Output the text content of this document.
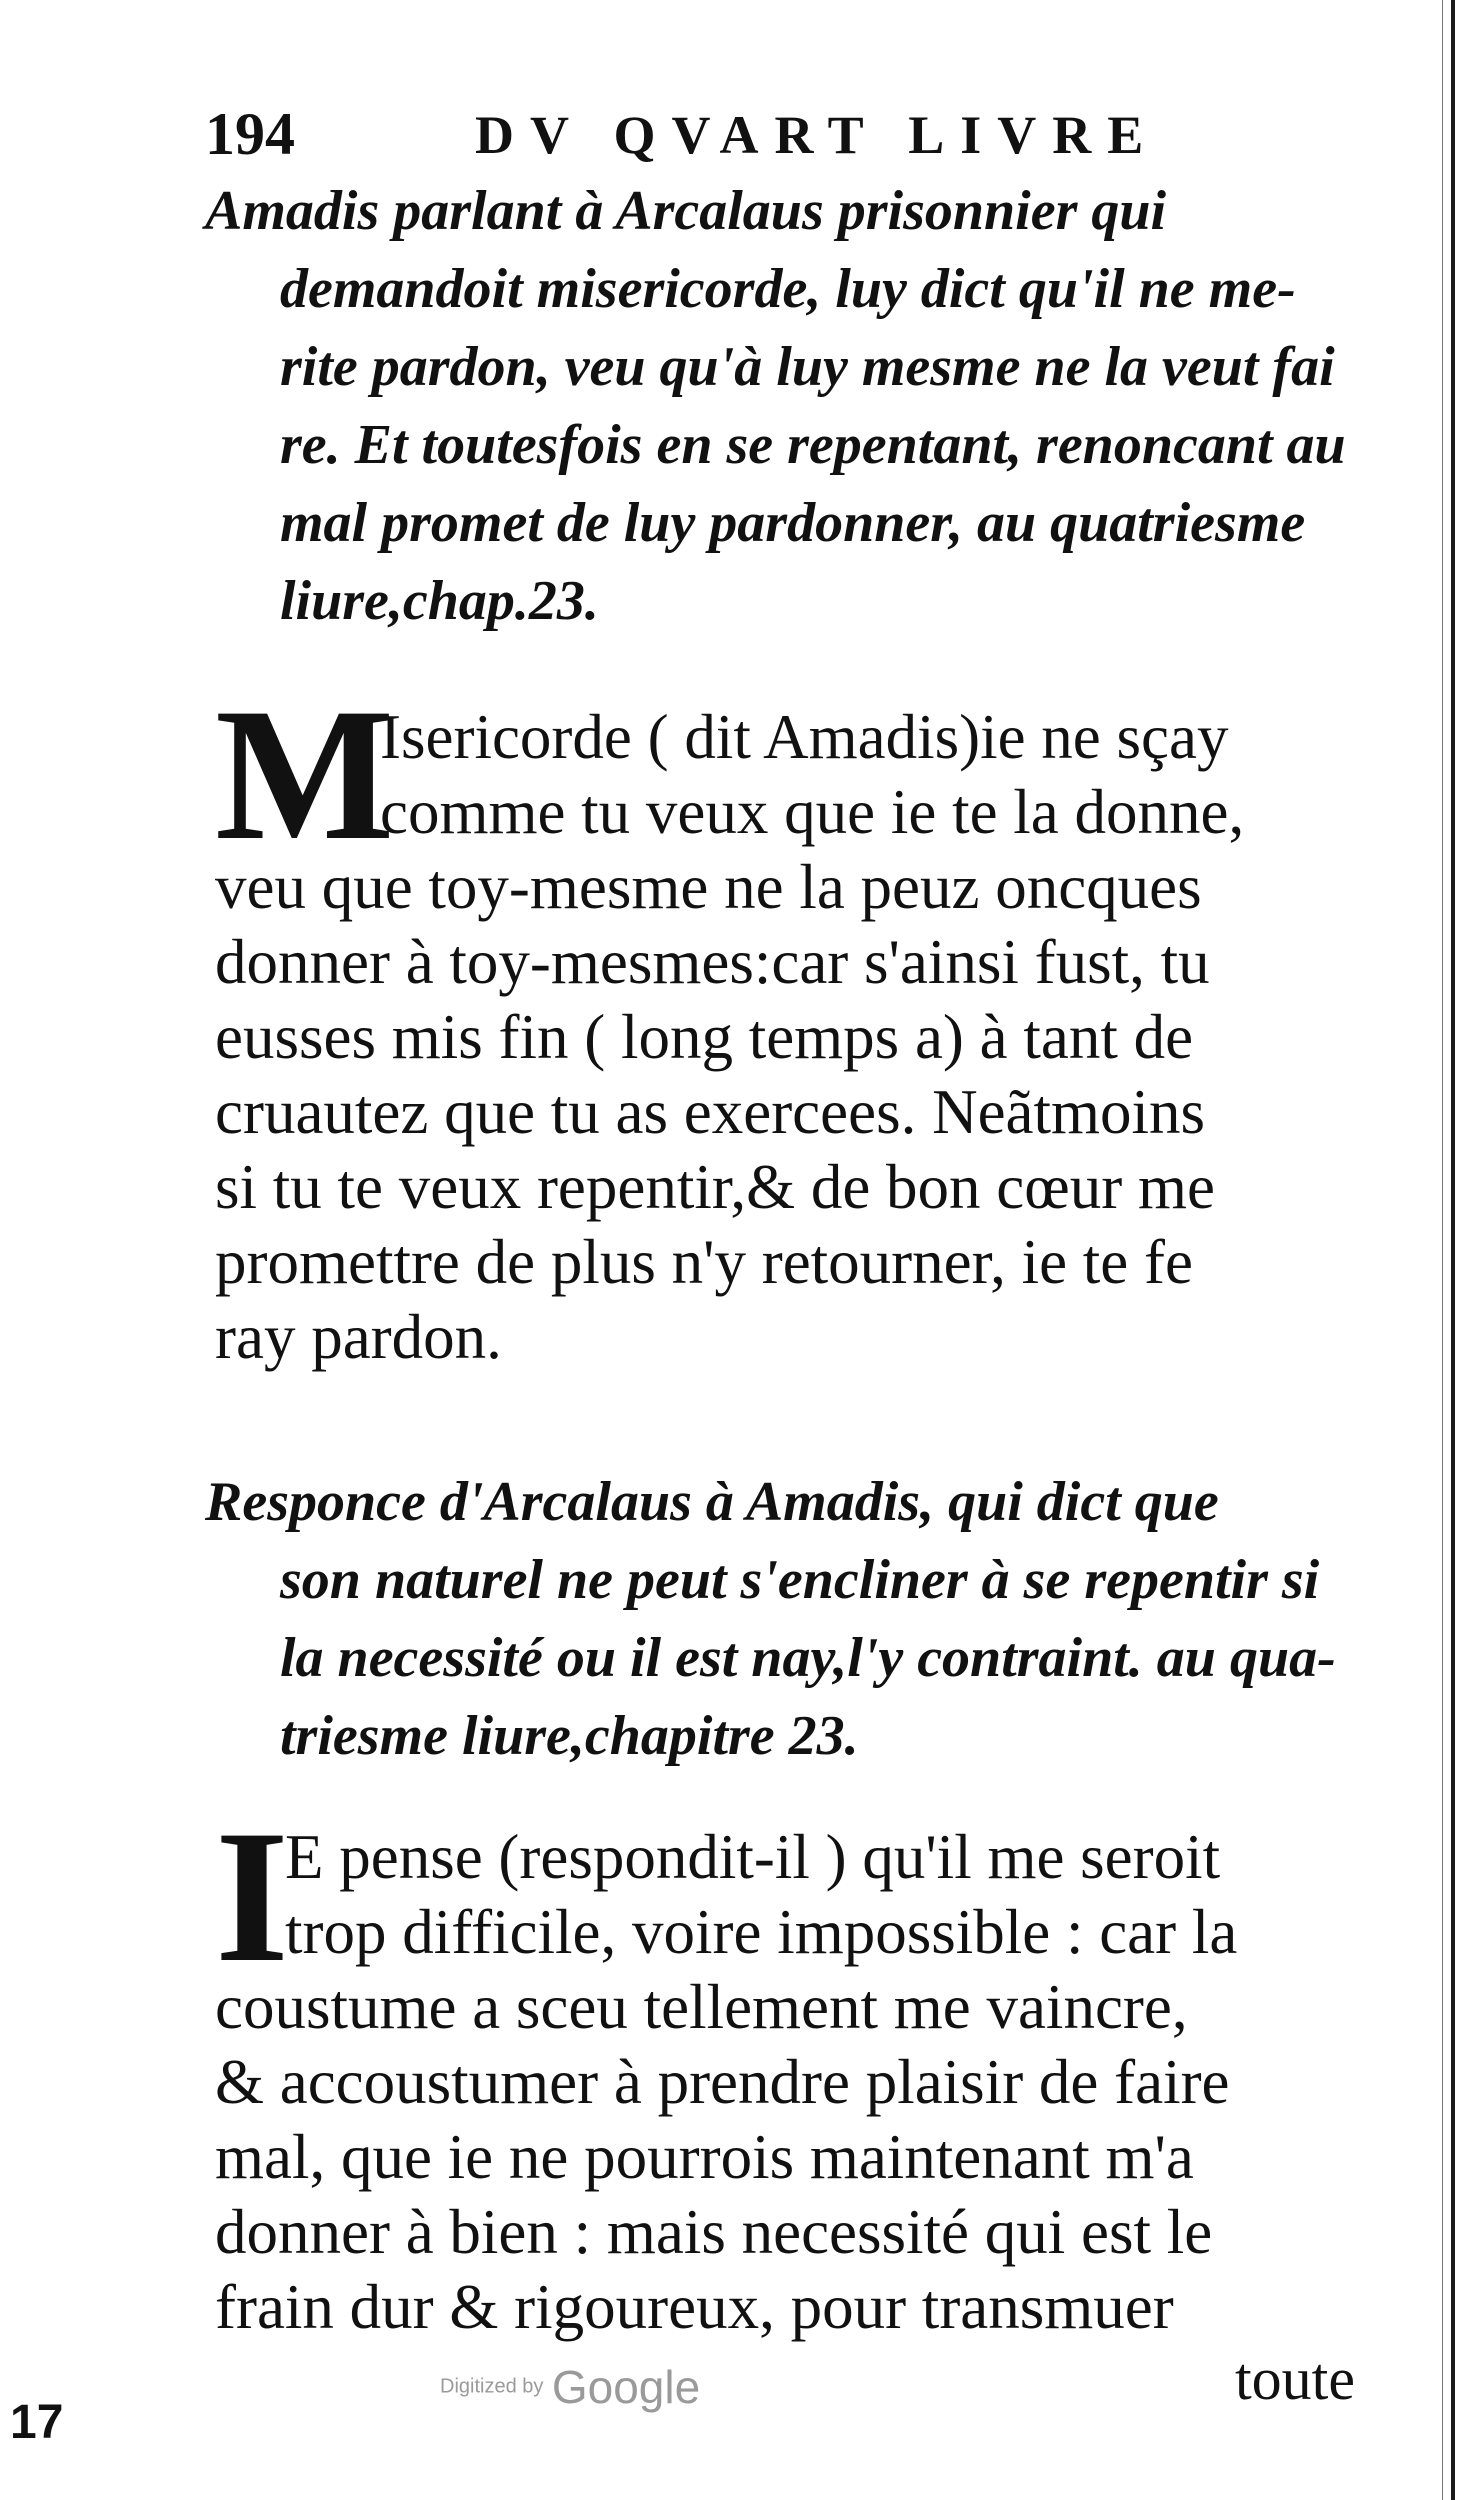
194	DV QVART LIVRE
Amadis parlant à Arcalaus prisonnier qui
demandoit misericorde, luy dict qu'il ne me-
rite pardon, veu qu'à luy mesme ne la veut fai
re. Et toutesfois en se repentant, renoncant au
mal promet de luy pardonner, au quatriesme
liure,chap.23.
M
Isericorde ( dit Amadis)ie ne sçay
comme tu veux que ie te la donne,
veu que toy-mesme ne la peuz oncques
donner à toy-mesmes:car s'ainsi fust, tu
eusses mis fin ( long temps a) à tant de
cruautez que tu as exercees. Neãtmoins
si tu te veux repentir,& de bon cœur me
promettre de plus n'y retourner, ie te fe
ray pardon.
Responce d'Arcalaus à Amadis, qui dict que
son naturel ne peut s'encliner à se repentir si
la necessité ou il est nay,l'y contraint. au qua-
triesme liure,chapitre 23.
I
E pense (respondit-il ) qu'il me seroit
trop difficile, voire impossible : car la
coustume a sceu tellement me vaincre,
& accoustumer à prendre plaisir de faire
mal, que ie ne pourrois maintenant m'a
donner à bien : mais necessité qui est le
frain dur & rigoureux, pour transmuer
toute
Digitized by Google
17
